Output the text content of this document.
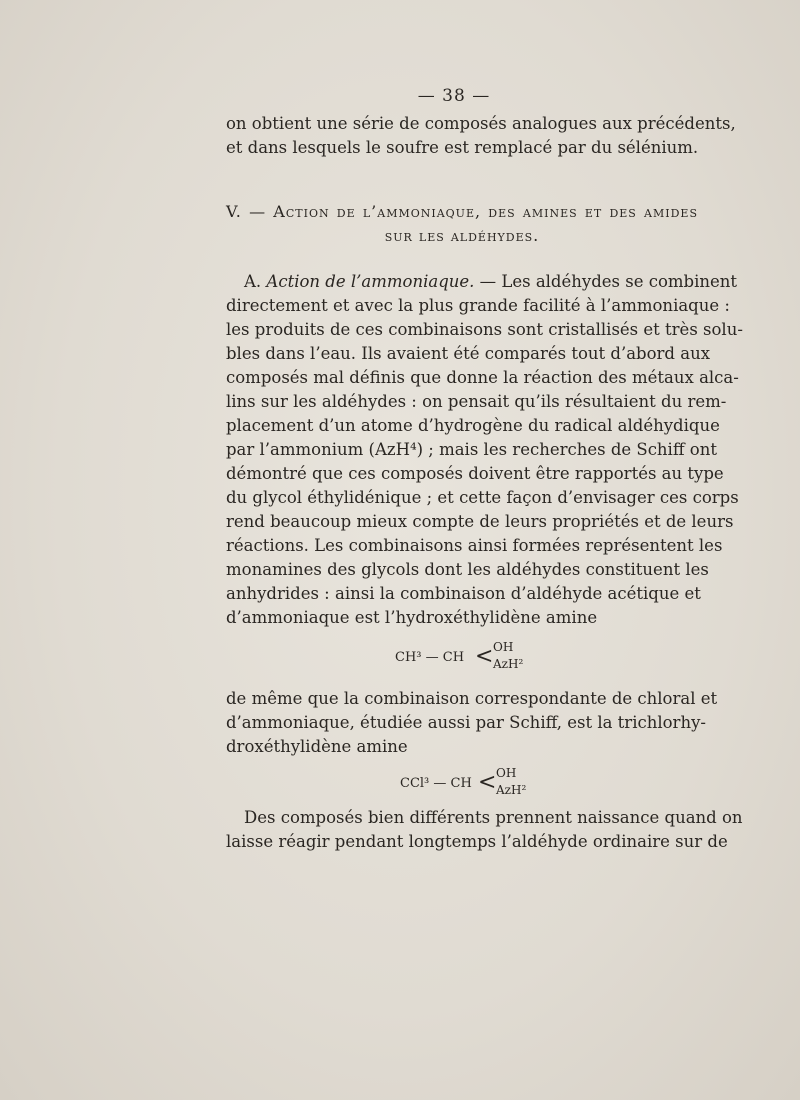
— 38 —
on obtient une série de composés analogues aux précédents,
et dans lesquels le soufre est remplacé par du sélénium.
V. — Action de l’ammoniaque, des amines et des amides
sur les aldéhydes.
A. Action de l’ammoniaque. — Les aldéhydes se combinent
directement et avec la plus grande facilité à l’ammoniaque :
les produits de ces combinaisons sont cristallisés et très solu-
bles dans l’eau. Ils avaient été comparés tout d’abord aux
composés mal définis que donne la réaction des métaux alca-
lins sur les aldéhydes : on pensait qu’ils résultaient du rem-
placement d’un atome d’hydrogène du radical aldéhydique
par l’ammonium (AzH⁴) ; mais les recherches de Schiff ont
démontré que ces composés doivent être rapportés au type
du glycol éthylidénique ; et cette façon d’envisager ces corps
rend beaucoup mieux compte de leurs propriétés et de leurs
réactions. Les combinaisons ainsi formées représentent les
monamines des glycols dont les aldéhydes constituent les
anhydrides : ainsi la combinaison d’aldéhyde acétique et
d’ammoniaque est l’hydroxéthylidène amine
CH³ — CH < OH
AzH²
de même que la combinaison correspondante de chloral et
d’ammoniaque, étudiée aussi par Schiff, est la trichlorhy-
droxéthylidène amine
CCl³ — CH < OH
AzH²
Des composés bien différents prennent naissance quand on
laisse réagir pendant longtemps l’aldéhyde ordinaire sur de
